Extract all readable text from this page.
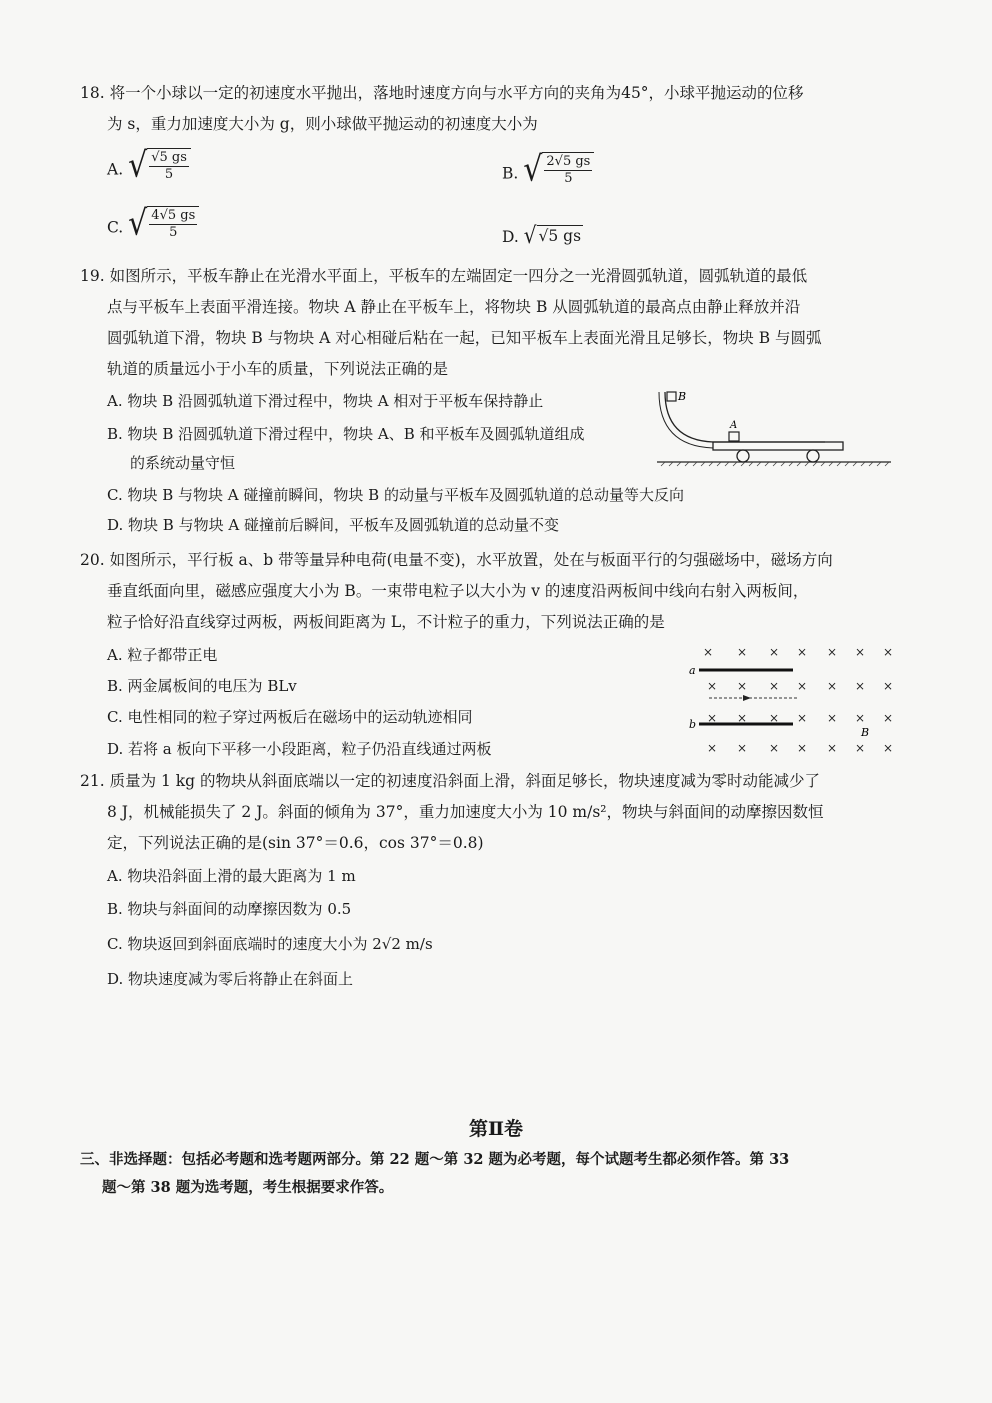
18. 将一个小球以一定的初速度水平抛出，落地时速度方向与水平方向的夹角为45°，小球平抛运动的位移

为 s，重力加速度大小为 g，则小球做平抛运动的初速度大小为

A. √ $\frac{√5 gs}{5}$	B. √ $\frac{2√5 gs}{5}$
C. √ $\frac{4√5 gs}{5}$	D. √ √5 gs

19. 如图所示，平板车静止在光滑水平面上，平板车的左端固定一四分之一光滑圆弧轨道，圆弧轨道的最低

点与平板车上表面平滑连接。物块 A 静止在平板车上，将物块 B 从圆弧轨道的最高点由静止释放并沿

圆弧轨道下滑，物块 B 与物块 A 对心相碰后粘在一起，已知平板车上表面光滑且足够长，物块 B 与圆弧

轨道的质量远小于小车的质量，下列说法正确的是

A. 物块 B 沿圆弧轨道下滑过程中，物块 A 相对于平板车保持静止
B. 物块 B 沿圆弧轨道下滑过程中，物块 A、B 和平板车及圆弧轨道组成
的系统动量守恒
C. 物块 B 与物块 A 碰撞前瞬间，物块 B 的动量与平板车及圆弧轨道的总动量等大反向
D. 物块 B 与物块 A 碰撞前后瞬间，平板车及圆弧轨道的总动量不变
B
A

20. 如图所示，平行板 a、b 带等量异种电荷(电量不变)，水平放置，处在与板面平行的匀强磁场中，磁场方向

垂直纸面向里，磁感应强度大小为 B。一束带电粒子以大小为 v 的速度沿两板间中线向右射入两板间，

粒子恰好沿直线穿过两板，两板间距离为 L，不计粒子的重力，下列说法正确的是

A. 粒子都带正电
B. 两金属板间的电压为 BLv
C. 电性相同的粒子穿过两板后在磁场中的运动轨迹相同
D. 若将 a 板向下平移一小段距离，粒子仍沿直线通过两板
× × × × × × ×
× × × × × × ×
× × × × × × ×
× × × × × × ×
a
b
B

21. 质量为 1 kg 的物块从斜面底端以一定的初速度沿斜面上滑，斜面足够长，物块速度减为零时动能减少了

8 J，机械能损失了 2 J。斜面的倾角为 37°，重力加速度大小为 10 m/s²，物块与斜面间的动摩擦因数恒

定，下列说法正确的是(sin 37°＝0.6，cos 37°＝0.8)

A. 物块沿斜面上滑的最大距离为 1 m
B. 物块与斜面间的动摩擦因数为 0.5
C. 物块返回到斜面底端时的速度大小为 2√2 m/s
D. 物块速度减为零后将静止在斜面上
第Ⅱ卷
三、非选择题：包括必考题和选考题两部分。第 22 题～第 32 题为必考题，每个试题考生都必须作答。第 33
题～第 38 题为选考题，考生根据要求作答。
